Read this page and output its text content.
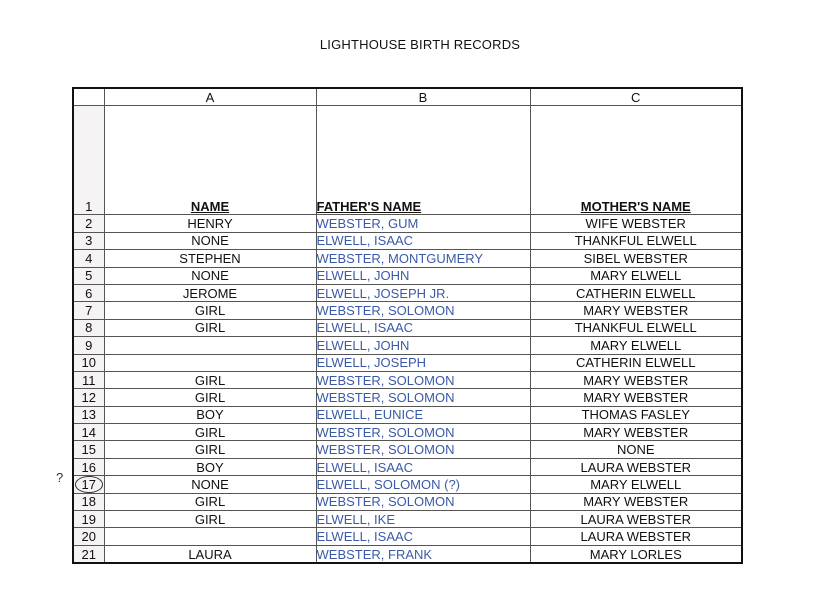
LIGHTHOUSE BIRTH RECORDS
?
	A	B	C
1	NAME	FATHER'S NAME	MOTHER'S NAME
2	HENRY	WEBSTER, GUM	WIFE WEBSTER
3	NONE	ELWELL, ISAAC	THANKFUL ELWELL
4	STEPHEN	WEBSTER, MONTGUMERY	SIBEL WEBSTER
5	NONE	ELWELL, JOHN	MARY ELWELL
6	JEROME	ELWELL, JOSEPH JR.	CATHERIN ELWELL
7	GIRL	WEBSTER, SOLOMON	MARY WEBSTER
8	GIRL	ELWELL, ISAAC	THANKFUL ELWELL
9		ELWELL, JOHN	MARY ELWELL
10		ELWELL, JOSEPH	CATHERIN ELWELL
11	GIRL	WEBSTER, SOLOMON	MARY WEBSTER
12	GIRL	WEBSTER, SOLOMON	MARY WEBSTER
13	BOY	ELWELL, EUNICE	THOMAS FASLEY
14	GIRL	WEBSTER, SOLOMON	MARY WEBSTER
15	GIRL	WEBSTER, SOLOMON	NONE
16	BOY	ELWELL, ISAAC	LAURA WEBSTER
17	NONE	ELWELL, SOLOMON (?)	MARY ELWELL
18	GIRL	WEBSTER, SOLOMON	MARY WEBSTER
19	GIRL	ELWELL, IKE	LAURA WEBSTER
20		ELWELL, ISAAC	LAURA WEBSTER
21	LAURA	WEBSTER, FRANK	MARY LORLES
